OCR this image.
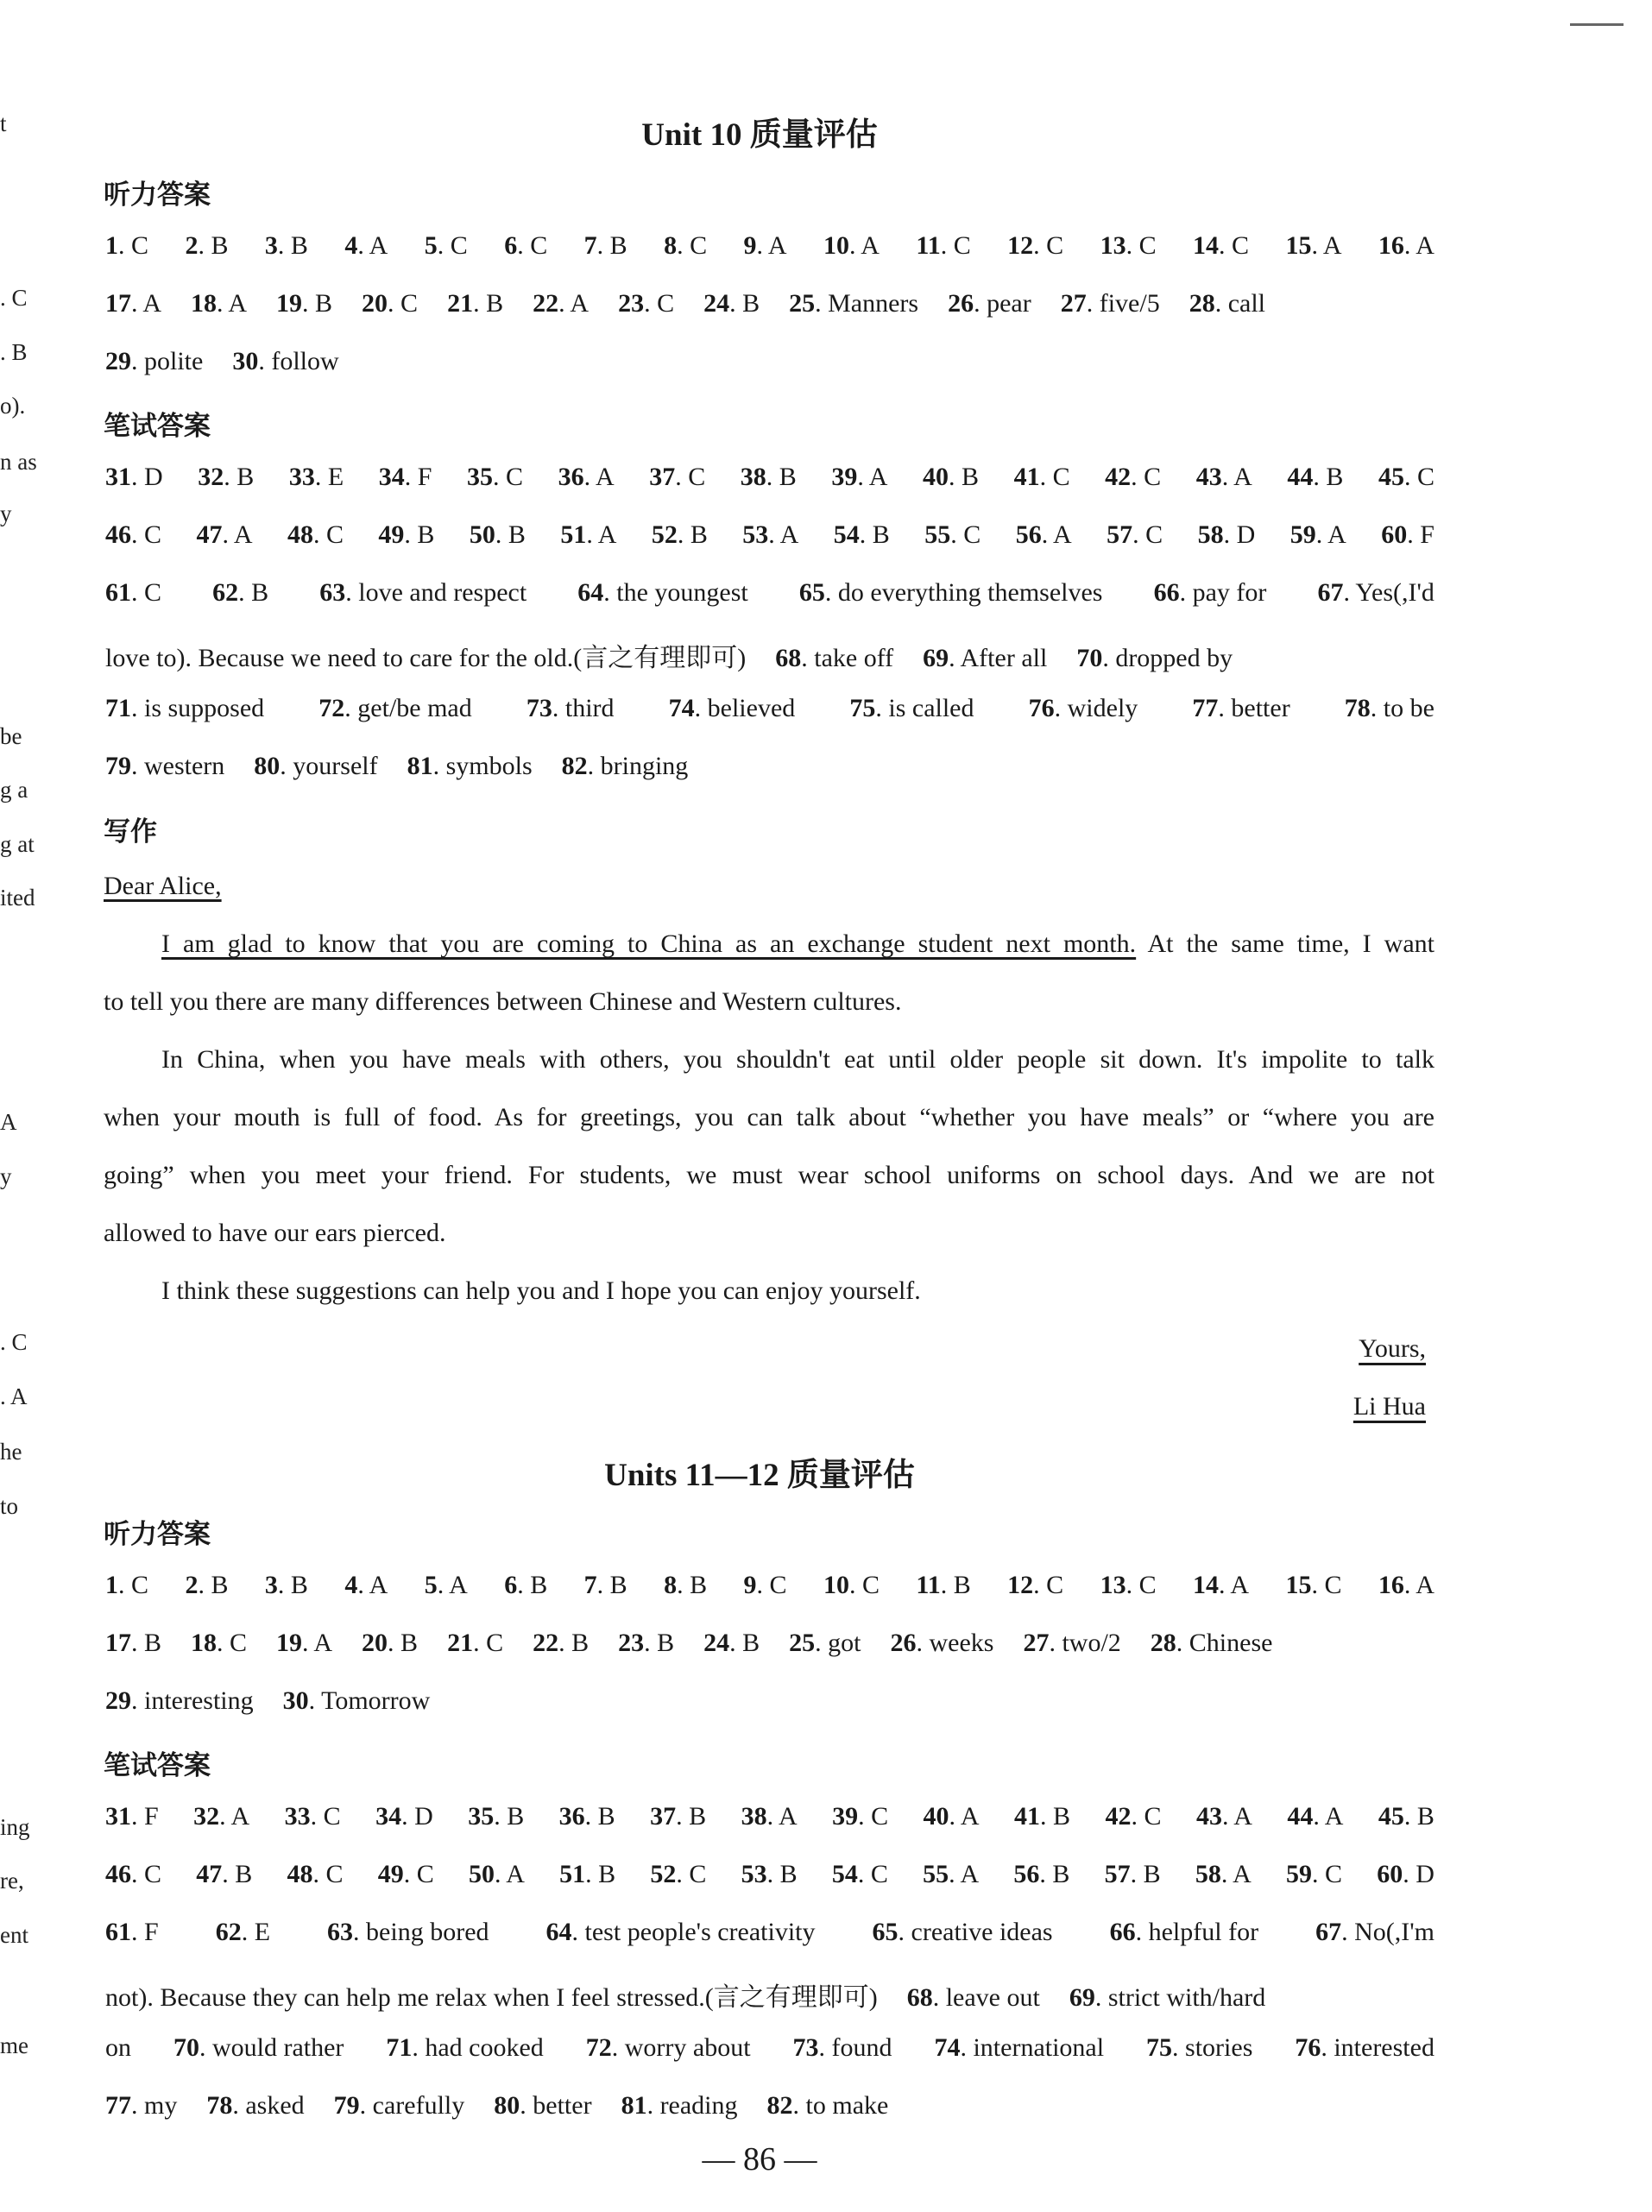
t
. C
. B
o).
n as
y
be
g a
g at
ited
A
y
. C
. A
he
to
ing
re,
ent
me
Unit 10 质量评估
听力答案
1. C 2. B 3. B 4. A 5. C 6. C 7. B 8. C 9. A 10. A 11. C 12. C 13. C 14. C 15. A 16. A
17. A 18. A 19. B 20. C 21. B 22. A 23. C 24. B 25. Manners 26. pear 27. five/5 28. call
29. polite 30. follow
笔试答案
31. D 32. B 33. E 34. F 35. C 36. A 37. C 38. B 39. A 40. B 41. C 42. C 43. A 44. B 45. C
46. C 47. A 48. C 49. B 50. B 51. A 52. B 53. A 54. B 55. C 56. A 57. C 58. D 59. A 60. F
61. C 62. B 63. love and respect 64. the youngest 65. do everything themselves 66. pay for 67. Yes(,I'd
love to). Because we need to care for the old.(言之有理即可) 68. take off 69. After all 70. dropped by
71. is supposed 72. get/be mad 73. third 74. believed 75. is called 76. widely 77. better 78. to be
79. western 80. yourself 81. symbols 82. bringing
写作
Dear Alice,
I am glad to know that you are coming to China as an exchange student next month. At the same time, I want
to tell you there are many differences between Chinese and Western cultures.
In China, when you have meals with others, you shouldn't eat until older people sit down. It's impolite to talk
when your mouth is full of food. As for greetings, you can talk about “whether you have meals” or “where you are
going” when you meet your friend. For students, we must wear school uniforms on school days. And we are not
allowed to have our ears pierced.
I think these suggestions can help you and I hope you can enjoy yourself.
Yours,
Li Hua
Units 11—12 质量评估
听力答案
1. C 2. B 3. B 4. A 5. A 6. B 7. B 8. B 9. C 10. C 11. B 12. C 13. C 14. A 15. C 16. A
17. B 18. C 19. A 20. B 21. C 22. B 23. B 24. B 25. got 26. weeks 27. two/2 28. Chinese
29. interesting 30. Tomorrow
笔试答案
31. F 32. A 33. C 34. D 35. B 36. B 37. B 38. A 39. C 40. A 41. B 42. C 43. A 44. A 45. B
46. C 47. B 48. C 49. C 50. A 51. B 52. C 53. B 54. C 55. A 56. B 57. B 58. A 59. C 60. D
61. F 62. E 63. being bored 64. test people's creativity 65. creative ideas 66. helpful for 67. No(,I'm
not). Because they can help me relax when I feel stressed.(言之有理即可) 68. leave out 69. strict with/hard
on 70. would rather 71. had cooked 72. worry about 73. found 74. international 75. stories 76. interested
77. my 78. asked 79. carefully 80. better 81. reading 82. to make
— 86 —
